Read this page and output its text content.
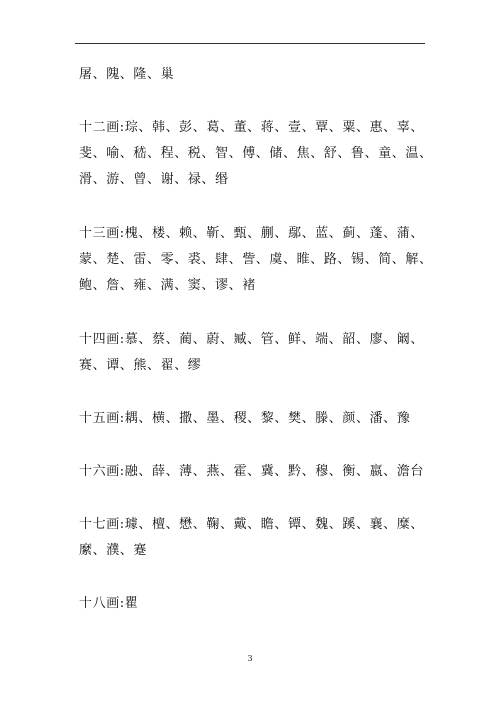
屠、隗、隆、巢

十二画:琮、韩、彭、葛、董、蒋、壹、覃、粟、惠、辜、
斐、喻、嵇、程、税、智、傅、储、焦、舒、鲁、童、温、
滑、游、曾、谢、禄、缗

十三画:槐、楼、赖、靳、甄、蒯、鄢、蓝、蓟、蓬、蒲、
蒙、楚、雷、零、裘、肆、訾、虞、睢、路、锡、简、解、
鲍、詹、雍、满、窦、谬、褚

十四画:慕、蔡、蔺、蔚、臧、管、鲜、端、韶、廖、阚、
赛、谭、熊、翟、缪

十五画:耦、横、撒、墨、稷、黎、樊、滕、颜、潘、豫

十六画:融、薛、薄、燕、霍、冀、黔、穆、衡、嬴、澹台

十七画:璩、檀、懋、鞠、戴、瞻、镡、魏、蹊、襄、糜、
縻、濮、蹇

十八画:瞿

3
